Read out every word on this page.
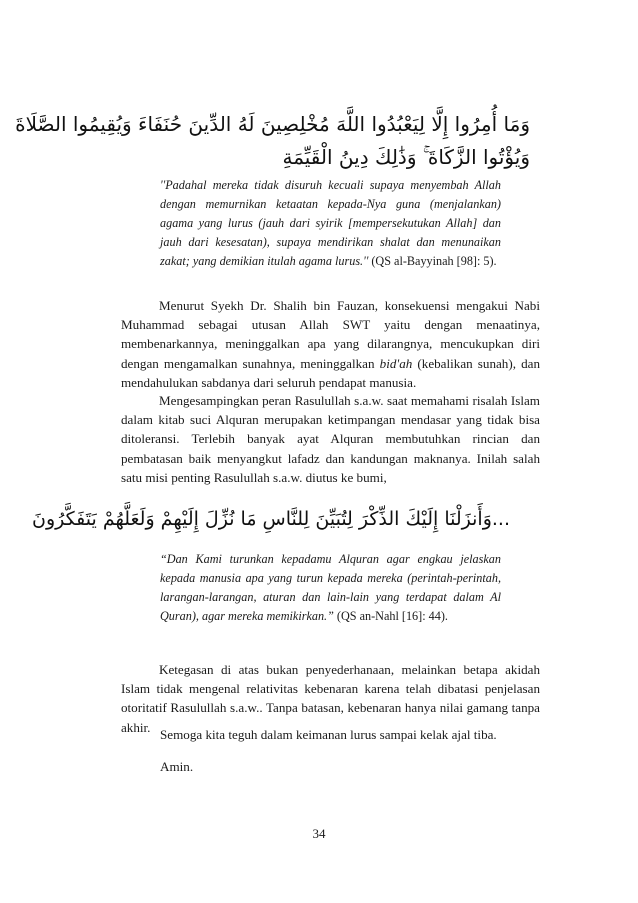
وَمَا أُمِرُوا إِلَّا لِيَعْبُدُوا اللَّهَ مُخْلِصِينَ لَهُ الدِّينَ حُنَفَاءَ وَيُقِيمُوا الصَّلَاةَ
وَيُؤْتُوا الزَّكَاةَ ۚ وَذَٰلِكَ دِينُ الْقَيِّمَةِ
''Padahal mereka tidak disuruh kecuali supaya menyembah Allah dengan memurnikan ketaatan kepada-Nya guna (menjalankan) agama yang lurus (jauh dari syirik [mempersekutukan Allah] dan jauh dari kesesatan), supaya mendirikan shalat dan menunaikan zakat; yang demikian itulah agama lurus.'' (QS al-Bayyinah [98]: 5).

Menurut Syekh Dr. Shalih bin Fauzan, konsekuensi mengakui Nabi Muhammad sebagai utusan Allah SWT yaitu dengan menaatinya, membenarkannya, meninggalkan apa yang dilarangnya, mencukupkan diri dengan mengamalkan sunahnya, meninggalkan bid'ah (kebalikan sunah), dan mendahulukan sabdanya dari seluruh pendapat manusia.

Mengesampingkan peran Rasulullah s.a.w. saat memahami risalah Islam dalam kitab suci Alquran merupakan ketimpangan mendasar yang tidak bisa ditoleransi. Terlebih banyak ayat Alquran membutuhkan rincian dan pembatasan baik menyangkut lafadz dan kandungan maknanya. Inilah salah satu misi penting Rasulullah s.a.w. diutus ke bumi,

...وَأَنزَلْنَا إِلَيْكَ الذِّكْرَ لِتُبَيِّنَ لِلنَّاسِ مَا نُزِّلَ إِلَيْهِمْ وَلَعَلَّهُمْ يَتَفَكَّرُونَ
“Dan Kami turunkan kepadamu Alquran agar engkau jelaskan kepada manusia apa yang turun kepada mereka (perintah-perintah, larangan-larangan, aturan dan lain-lain yang terdapat dalam Al Quran), agar mereka memikirkan.” (QS an-Nahl [16]: 44).

Ketegasan di atas bukan penyederhanaan, melainkan betapa akidah Islam tidak mengenal relativitas kebenaran karena telah dibatasi penjelasan otoritatif Rasulullah s.a.w.. Tanpa batasan, kebenaran hanya nilai gamang tanpa akhir. Semoga kita teguh dalam keimanan lurus sampai kelak ajal tiba.

Amin.

34
